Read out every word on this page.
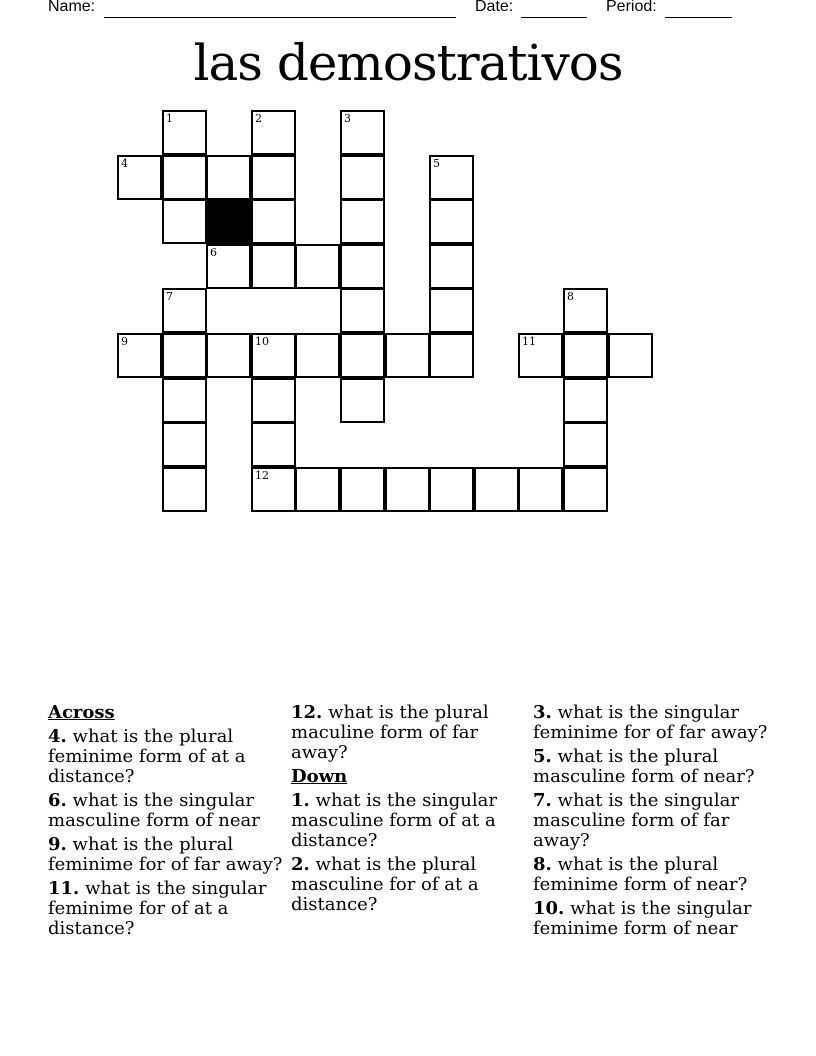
Name:	Date:	Period:
las demostrativos
1	2	3
4	5
6
7	8
9	10	11
12
Across
4. what is the plural feminime form of at a distance?
6. what is the singular masculine form of near
9. what is the plural feminime for of far away?
11. what is the singular feminime for of at a distance?
12. what is the plural maculine form of far away?
Down
1. what is the singular masculine form of at a distance?
2. what is the plural masculine for of at a distance?
3. what is the singular feminime for of far away?
5. what is the plural masculine form of near?
7. what is the singular masculine form of far away?
8. what is the plural feminime form of near?
10. what is the singular feminime form of near
